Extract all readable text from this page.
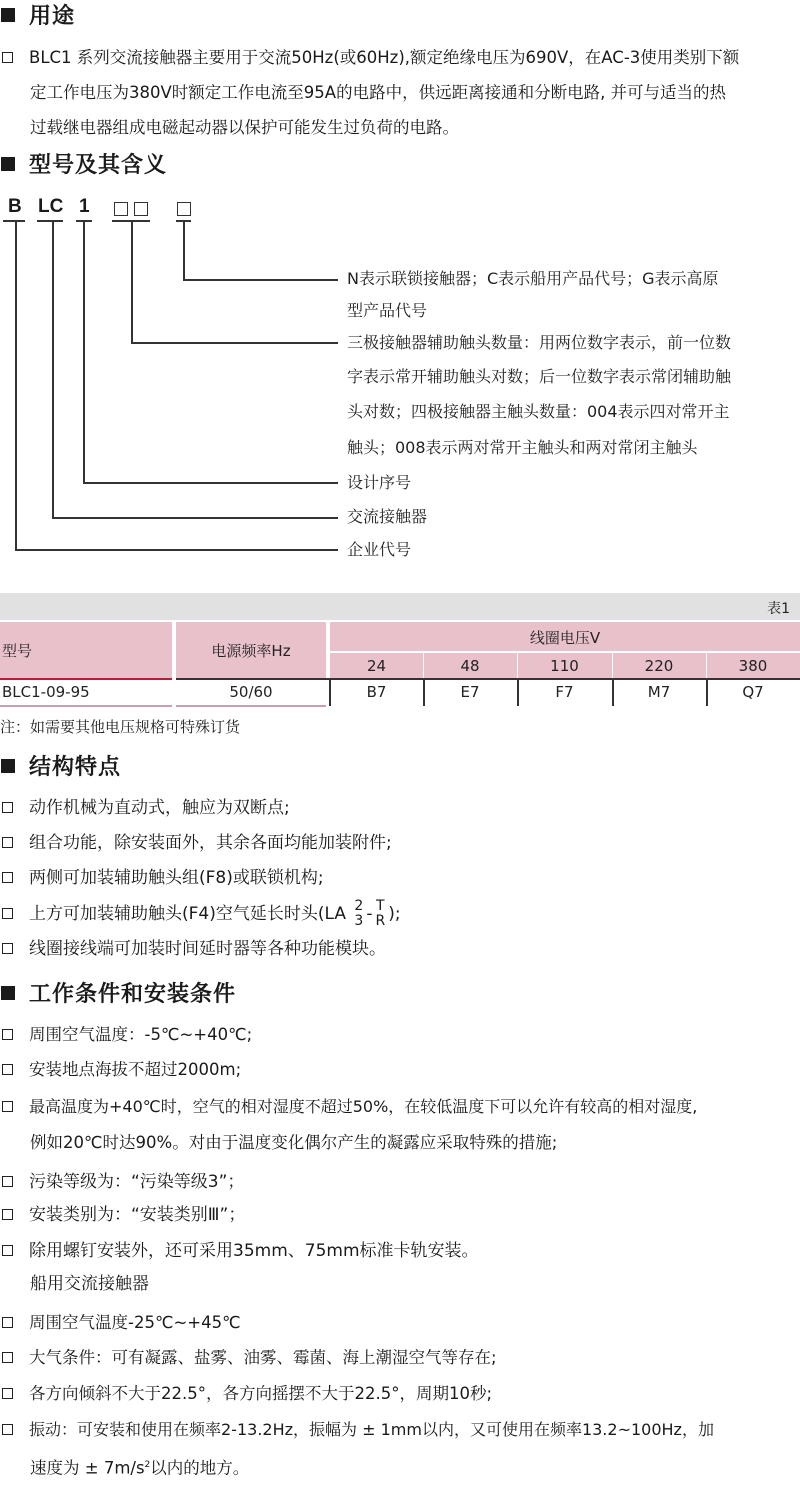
用途
BLC1 系列交流接触器主要用于交流50Hz(或60Hz),额定绝缘电压为690V，在AC-3使用类别下额
定工作电压为380V时额定工作电流至95A的电路中，供远距离接通和分断电路, 并可与适当的热
过载继电器组成电磁起动器以保护可能发生过负荷的电路。
型号及其含义
B LC 1
N表示联锁接触器；C表示船用产品代号；G表示高原
型产品代号
三极接触器辅助触头数量：用两位数字表示，前一位数
字表示常开辅助触头对数；后一位数字表示常闭辅助触
头对数；四极接触器主触头数量：004表示四对常开主
触头；008表示两对常开主触头和两对常闭主触头
设计序号
交流接触器
企业代号
表1
型号	电源频率Hz
线圈电压V
24	48	110	220	380
BLC1-09-95	50/60	B7	E7	F7	M7	Q7
注：如需要其他电压规格可特殊订货
结构特点
动作机械为直动式，触应为双断点;
组合功能，除安装面外，其余各面均能加装附件;
两侧可加装辅助触头组(F8)或联锁机构;
上方可加装辅助触头(F4)空气延长时头(LA 2
3 - T
R );
线圈接线端可加装时间延时器等各种功能模块。
工作条件和安装条件
周围空气温度：-5℃~+40℃;
安装地点海拔不超过2000m;
最高温度为+40℃时，空气的相对湿度不超过50%，在较低温度下可以允许有较高的相对湿度,
例如20℃时达90%。对由于温度变化偶尔产生的凝露应采取特殊的措施;
污染等级为：“污染等级3”；
安装类别为：“安装类别Ⅲ”；
除用螺钉安装外，还可采用35mm、75mm标准卡轨安装。
船用交流接触器
周围空气温度-25℃~+45℃
大气条件：可有凝露、盐雾、油雾、霉菌、海上潮湿空气等存在;
各方向倾斜不大于22.5°，各方向摇摆不大于22.5°，周期10秒;
振动：可安装和使用在频率2-13.2Hz，振幅为 ± 1mm以内，又可使用在频率13.2~100Hz，加
速度为 ± $7m/s^2$以内的地方。
